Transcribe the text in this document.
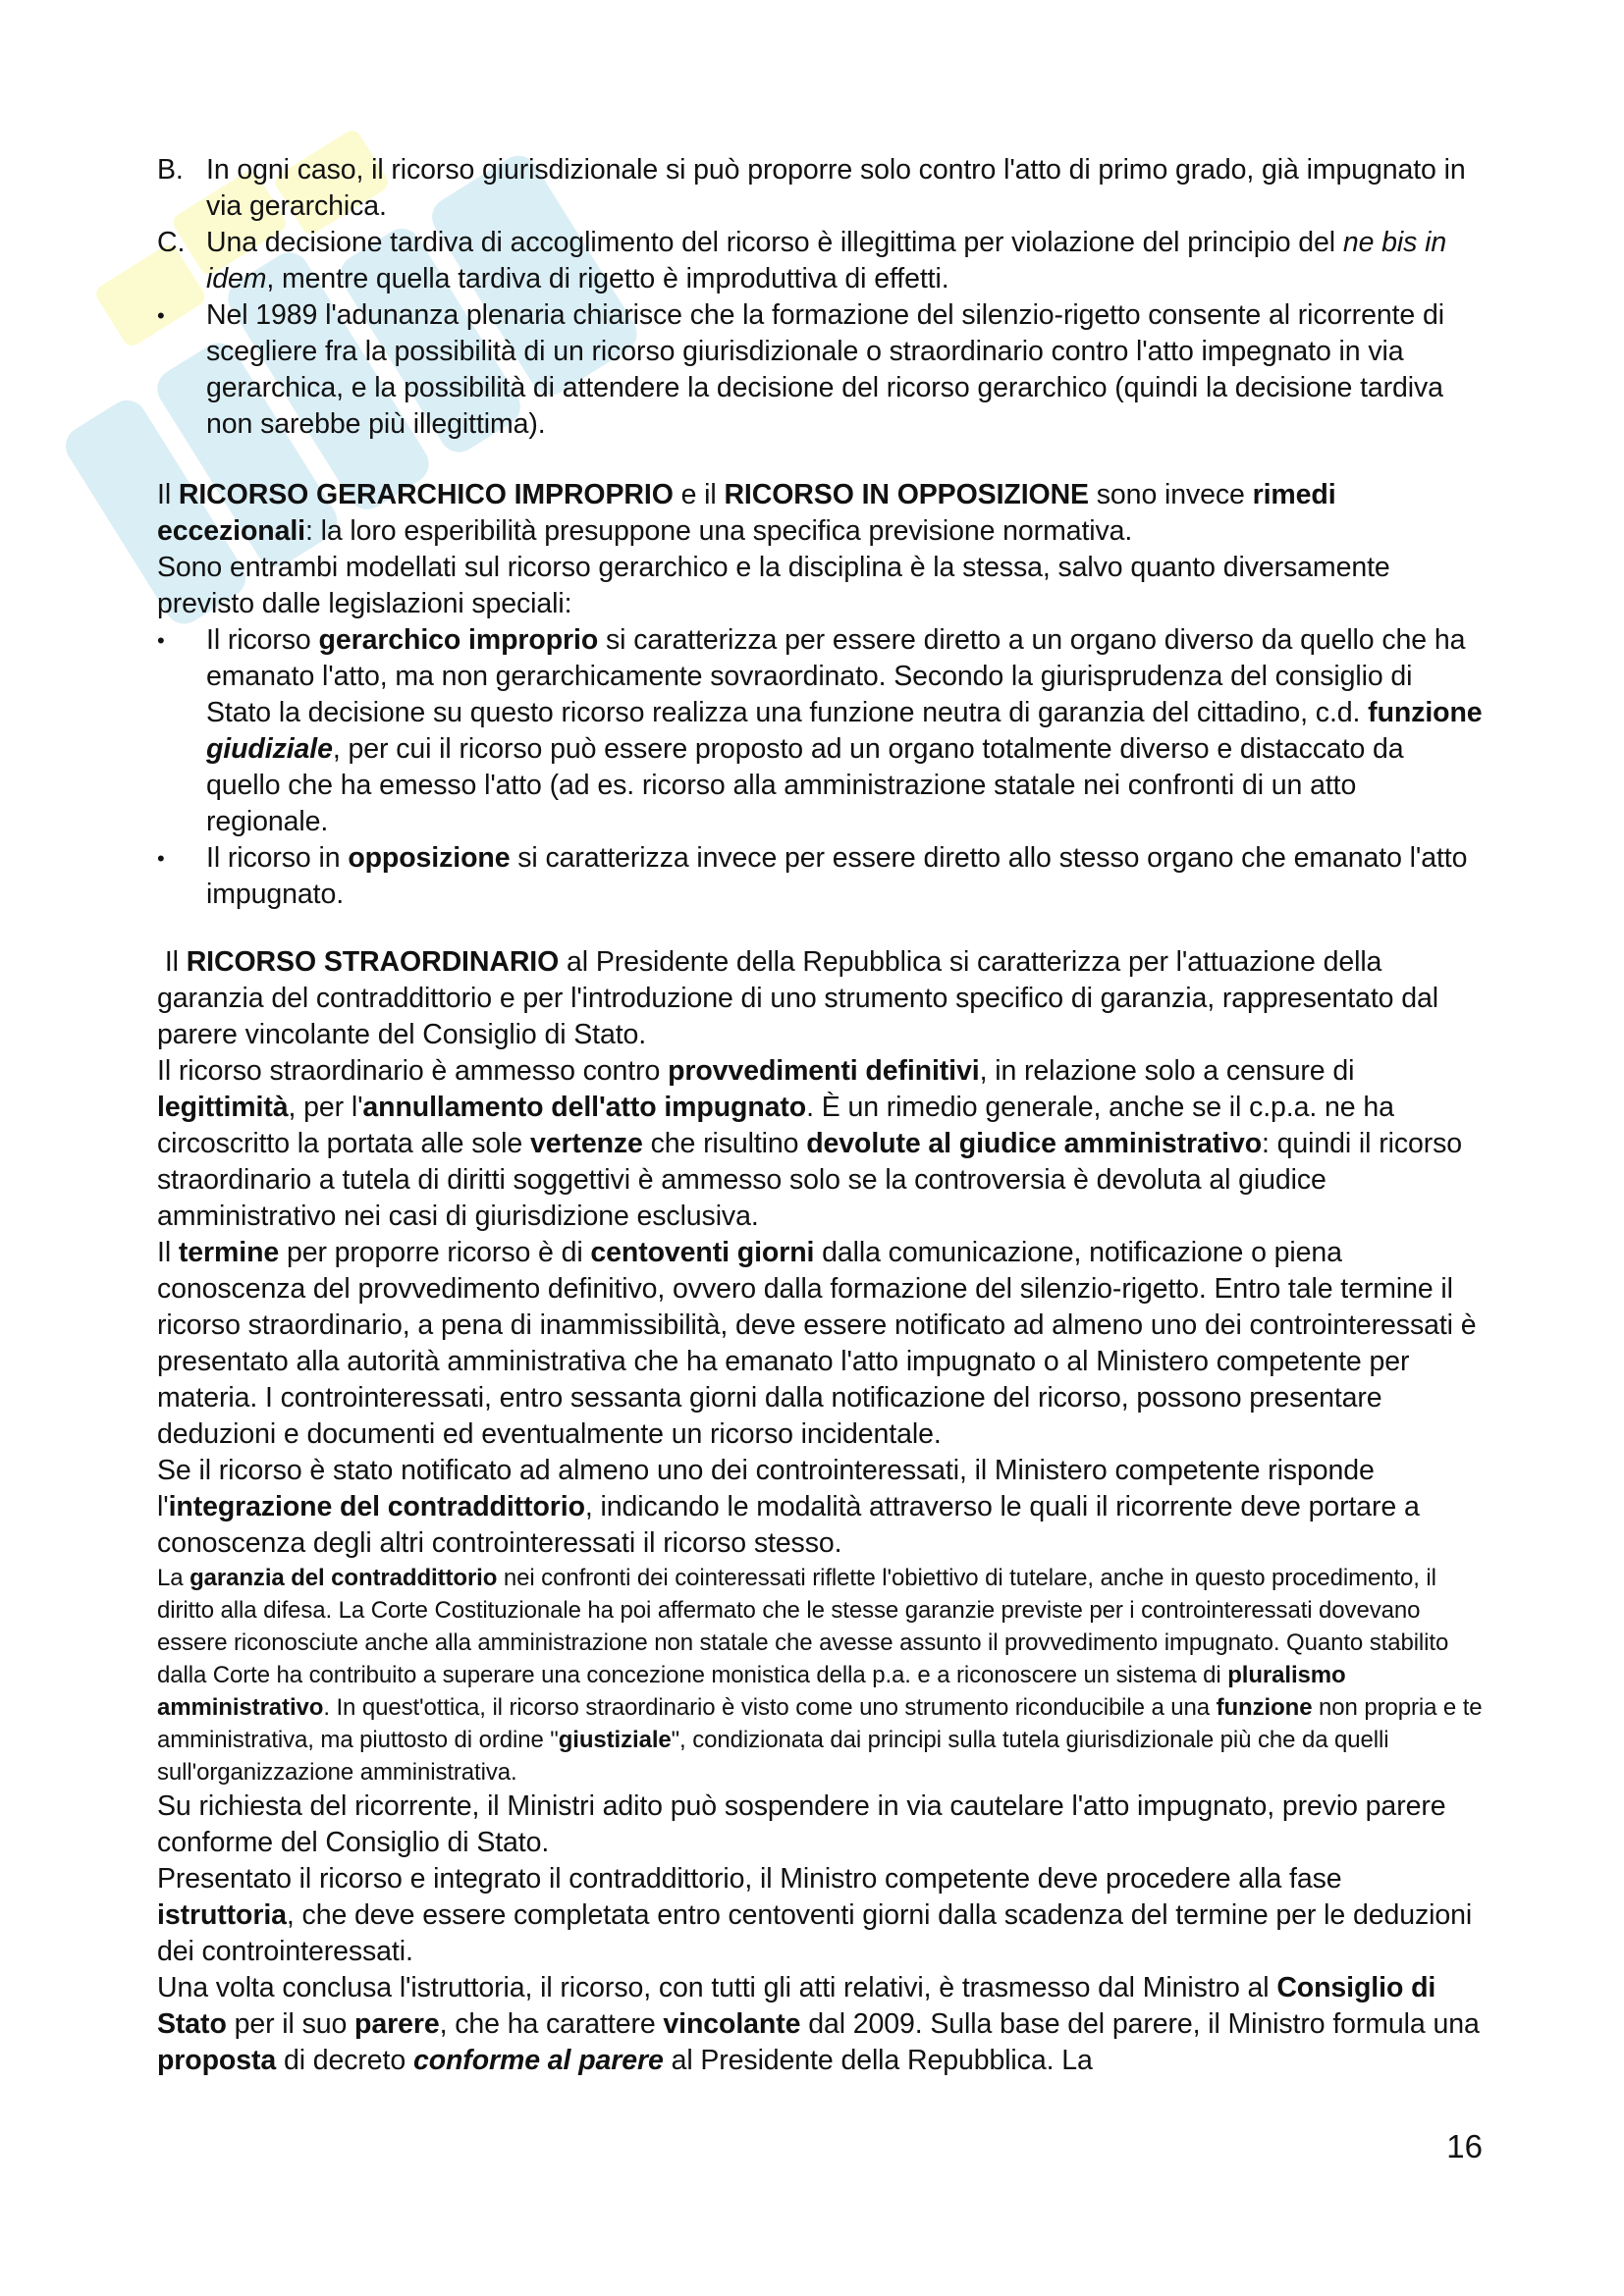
B. In ogni caso, il ricorso giurisdizionale si può proporre solo contro l'atto di primo grado, già impugnato in via gerarchica.
C. Una decisione tardiva di accoglimento del ricorso è illegittima per violazione del principio del ne bis in idem, mentre quella tardiva di rigetto è improduttiva di effetti.
• Nel 1989 l'adunanza plenaria chiarisce che la formazione del silenzio-rigetto consente al ricorrente di scegliere fra la possibilità di un ricorso giurisdizionale o straordinario contro l'atto impegnato in via gerarchica, e la possibilità di attendere la decisione del ricorso gerarchico (quindi la decisione tardiva non sarebbe più illegittima).

Il RICORSO GERARCHICO IMPROPRIO e il RICORSO IN OPPOSIZIONE sono invece rimedi eccezionali: la loro esperibilità presuppone una specifica previsione normativa.

Sono entrambi modellati sul ricorso gerarchico e la disciplina è la stessa, salvo quanto diversamente previsto dalle legislazioni speciali:

• Il ricorso gerarchico improprio si caratterizza per essere diretto a un organo diverso da quello che ha emanato l'atto, ma non gerarchicamente sovraordinato. Secondo la giurisprudenza del consiglio di Stato la decisione su questo ricorso realizza una funzione neutra di garanzia del cittadino, c.d. funzione giudiziale, per cui il ricorso può essere proposto ad un organo totalmente diverso e distaccato da quello che ha emesso l'atto (ad es. ricorso alla amministrazione statale nei confronti di un atto regionale.
• Il ricorso in opposizione si caratterizza invece per essere diretto allo stesso organo che emanato l'atto impugnato.

Il RICORSO STRAORDINARIO al Presidente della Repubblica si caratterizza per l'attuazione della garanzia del contraddittorio e per l'introduzione di uno strumento specifico di garanzia, rappresentato dal parere vincolante del Consiglio di Stato.

Il ricorso straordinario è ammesso contro provvedimenti definitivi, in relazione solo a censure di legittimità, per l'annullamento dell'atto impugnato. È un rimedio generale, anche se il c.p.a. ne ha circoscritto la portata alle sole vertenze che risultino devolute al giudice amministrativo: quindi il ricorso straordinario a tutela di diritti soggettivi è ammesso solo se la controversia è devoluta al giudice amministrativo nei casi di giurisdizione esclusiva.

Il termine per proporre ricorso è di centoventi giorni dalla comunicazione, notificazione o piena conoscenza del provvedimento definitivo, ovvero dalla formazione del silenzio-rigetto. Entro tale termine il ricorso straordinario, a pena di inammissibilità, deve essere notificato ad almeno uno dei controinteressati è presentato alla autorità amministrativa che ha emanato l'atto impugnato o al Ministero competente per materia. I controinteressati, entro sessanta giorni dalla notificazione del ricorso, possono presentare deduzioni e documenti ed eventualmente un ricorso incidentale.

Se il ricorso è stato notificato ad almeno uno dei controinteressati, il Ministero competente risponde l'integrazione del contraddittorio, indicando le modalità attraverso le quali il ricorrente deve portare a conoscenza degli altri controinteressati il ricorso stesso.

La garanzia del contraddittorio nei confronti dei cointeressati riflette l'obiettivo di tutelare, anche in questo procedimento, il diritto alla difesa. La Corte Costituzionale ha poi affermato che le stesse garanzie previste per i controinteressati dovevano essere riconosciute anche alla amministrazione non statale che avesse assunto il provvedimento impugnato. Quanto stabilito dalla Corte ha contribuito a superare una concezione monistica della p.a. e a riconoscere un sistema di pluralismo amministrativo. In quest'ottica, il ricorso straordinario è visto come uno strumento riconducibile a una funzione non propria e te amministrativa, ma piuttosto di ordine "giustiziale", condizionata dai principi sulla tutela giurisdizionale più che da quelli sull'organizzazione amministrativa.

Su richiesta del ricorrente, il Ministri adito può sospendere in via cautelare l'atto impugnato, previo parere conforme del Consiglio di Stato.

Presentato il ricorso e integrato il contraddittorio, il Ministro competente deve procedere alla fase istruttoria, che deve essere completata entro centoventi giorni dalla scadenza del termine per le deduzioni dei controinteressati.

Una volta conclusa l'istruttoria, il ricorso, con tutti gli atti relativi, è trasmesso dal Ministro al Consiglio di Stato per il suo parere, che ha carattere vincolante dal 2009. Sulla base del parere, il Ministro formula una proposta di decreto conforme al parere al Presidente della Repubblica. La

16
